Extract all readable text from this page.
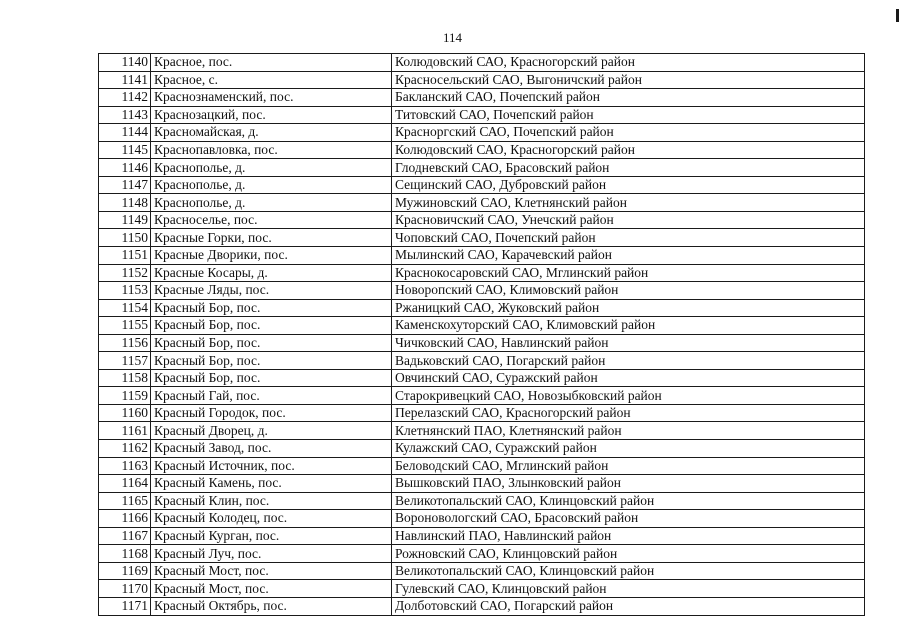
114
1140	Красное, пос.	Колюдовский САО, Красногорский район
1141	Красное, с.	Красносельский САО, Выгоничский район
1142	Краснознаменский, пос.	Бакланский САО, Почепский район
1143	Краснозацкий, пос.	Титовский САО, Почепский район
1144	Красномайская, д.	Красноргский САО, Почепский район
1145	Краснопавловка, пос.	Колюдовский САО, Красногорский район
1146	Краснополье, д.	Глодневский САО, Брасовский район
1147	Краснополье, д.	Сещинский САО, Дубровский район
1148	Краснополье, д.	Мужиновский САО, Клетнянский район
1149	Красноселье, пос.	Красновичский САО, Унечский район
1150	Красные Горки, пос.	Чоповский САО, Почепский район
1151	Красные Дворики, пос.	Мылинский САО, Карачевский район
1152	Красные Косары, д.	Краснокосаровский САО, Мглинский район
1153	Красные Ляды, пос.	Новоропский САО, Климовский район
1154	Красный Бор, пос.	Ржаницкий САО, Жуковский район
1155	Красный Бор, пос.	Каменскохуторский САО, Климовский район
1156	Красный Бор, пос.	Чичковский САО, Навлинский район
1157	Красный Бор, пос.	Вадьковский САО, Погарский район
1158	Красный Бор, пос.	Овчинский САО, Суражский район
1159	Красный Гай, пос.	Старокривецкий САО, Новозыбковский район
1160	Красный Городок, пос.	Перелазский САО, Красногорский район
1161	Красный Дворец, д.	Клетнянский ПАО, Клетнянский район
1162	Красный Завод, пос.	Кулажский САО, Суражский район
1163	Красный Источник, пос.	Беловодский САО, Мглинский район
1164	Красный Камень, пос.	Вышковский ПАО, Злынковский район
1165	Красный Клин, пос.	Великотопальский САО, Клинцовский район
1166	Красный Колодец, пос.	Вороновологский САО, Брасовский район
1167	Красный Курган, пос.	Навлинский ПАО, Навлинский район
1168	Красный Луч, пос.	Рожновский САО, Клинцовский район
1169	Красный Мост, пос.	Великотопальский САО, Клинцовский район
1170	Красный Мост, пос.	Гулевский САО, Клинцовский район
1171	Красный Октябрь, пос.	Долботовский САО, Погарский район
